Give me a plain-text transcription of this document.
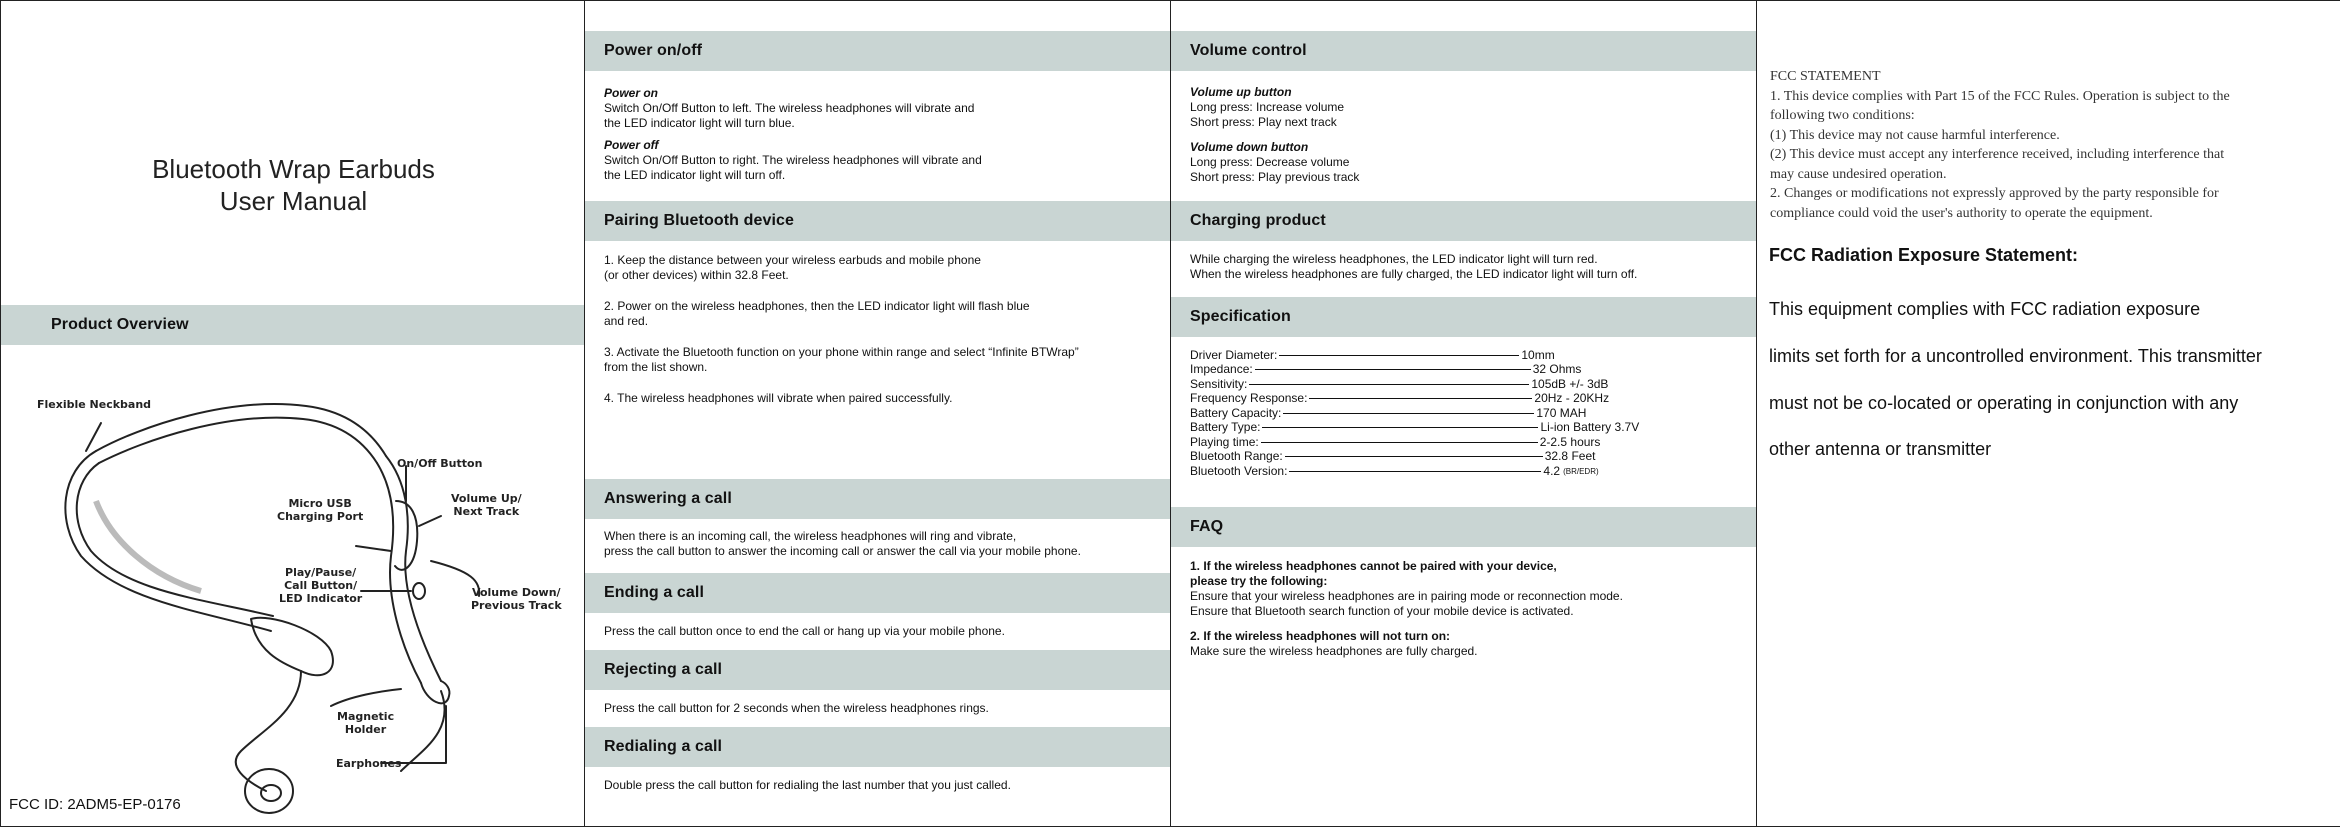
Bluetooth Wrap Earbuds
User Manual
Product Overview
Flexible Neckband
On/Off Button
Micro USB
Charging Port
Volume Up/
Next Track
Play/Pause/
Call Button/
LED Indicator	Volume Down/
Previous Track
Magnetic
Holder
Earphones
FCC ID: 2ADM5-EP-0176
Power on/off

Power on

Switch On/Off Button to left. The wireless headphones will vibrate and

the LED indicator light will turn blue.

Power off

Switch On/Off Button to right. The wireless headphones will vibrate and

the LED indicator light will turn off.

Pairing Bluetooth device

1. Keep the distance between your wireless earbuds and mobile phone

(or other devices) within 32.8 Feet.

2. Power on the wireless headphones, then the LED indicator light will flash blue

and red.

3. Activate the Bluetooth function on your phone within range and select “Infinite BTWrap”

from the list shown.

4. The wireless headphones will vibrate when paired successfully.

Answering a call

When there is an incoming call, the wireless headphones will ring and vibrate,

press the call button to answer the incoming call or answer the call via your mobile phone.

Ending a call

Press the call button once to end the call or hang up via your mobile phone.

Rejecting a call

Press the call button for 2 seconds when the wireless headphones rings.

Redialing a call

Double press the call button for redialing the last number that you just called.

Volume control

Volume up button

Long press: Increase volume

Short press: Play next track

Volume down button

Long press: Decrease volume

Short press: Play previous track

Charging product

While charging the wireless headphones, the LED indicator light will turn red.

When the wireless headphones are fully charged, the LED indicator light will turn off.

Specification
Driver Diameter:	10mm
Impedance:	32 Ohms
Sensitivity:	105dB +/- 3dB
Frequency Response:	20Hz - 20KHz
Battery Capacity:	170 MAH
Battery Type:	Li-ion Battery 3.7V
Playing time:	2-2.5 hours
Bluetooth Range:	32.8 Feet
Bluetooth Version:	4.2 (BR/EDR)
FAQ

1. If the wireless headphones cannot be paired with your device,

please try the following:

Ensure that your wireless headphones are in pairing mode or reconnection mode.

Ensure that Bluetooth search function of your mobile device is activated.

2. If the wireless headphones will not turn on:

Make sure the wireless headphones are fully charged.

FCC STATEMENT
1. This device complies with Part 15 of the FCC Rules. Operation is subject to the
following two conditions:
(1) This device may not cause harmful interference.
(2) This device must accept any interference received, including interference that
may cause undesired operation.
2. Changes or modifications not expressly approved by the party responsible for
compliance could void the user's authority to operate the equipment.
FCC Radiation Exposure Statement:
This equipment complies with FCC radiation exposure
limits set forth for a uncontrolled environment. This transmitter
must not be co-located or operating in conjunction with any
other antenna or transmitter
